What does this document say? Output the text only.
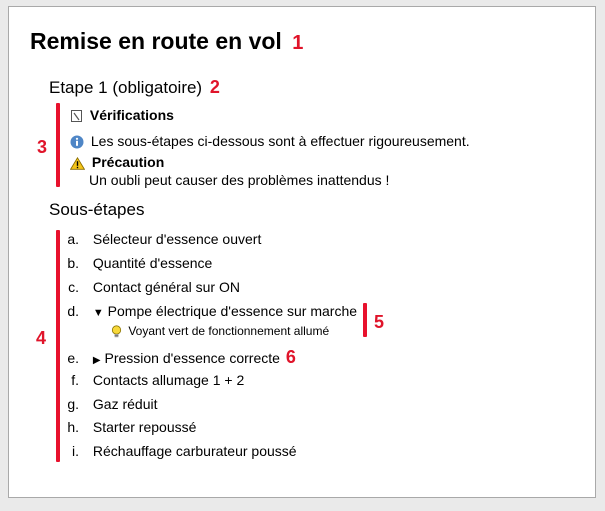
Remise en route en vol 1
Etape 1 (obligatoire) 2
3
Vérifications
Les sous-étapes ci-dessous sont à effectuer rigoureusement.
Précaution
Un oubli peut causer des problèmes inattendus !
Sous-étapes
4
a. Sélecteur d'essence ouvert
b. Quantité d'essence
c. Contact général sur ON
d. ▼ Pompe électrique d'essence sur marche
Voyant vert de fonctionnement allumé 5
e. ▶ Pression d'essence correcte 6
f. Contacts allumage 1 + 2
g. Gaz réduit
h. Starter repoussé
i. Réchauffage carburateur poussé
